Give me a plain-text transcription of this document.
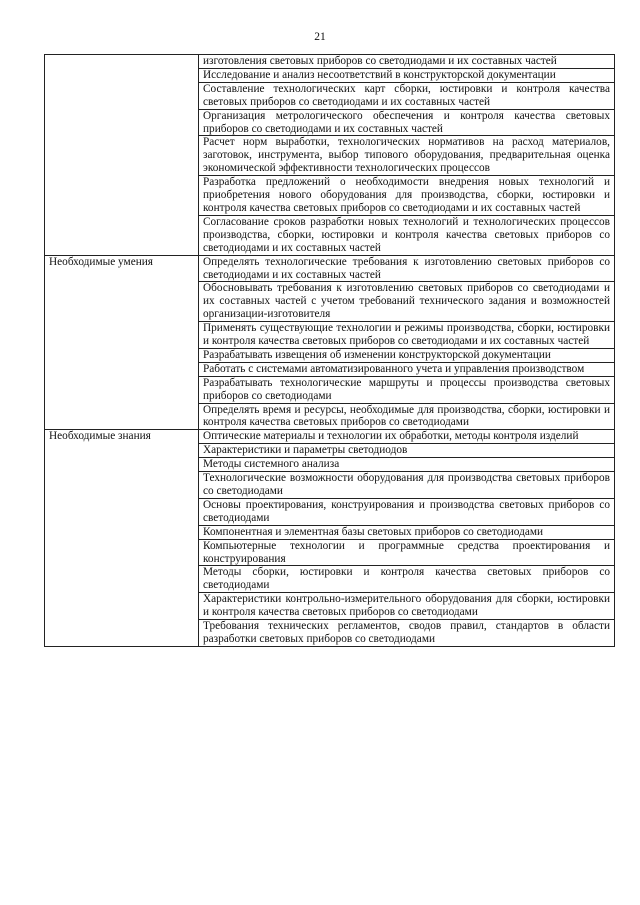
21

	изготовления световых приборов со светодиодами и их составных частей

	Исследование и анализ несоответствий в конструкторской документации

	Составление технологических карт сборки, юстировки и контроля качества световых приборов со светодиодами и их составных частей

	Организация метрологического обеспечения и контроля качества световых приборов со светодиодами и их составных частей

	Расчет норм выработки, технологических нормативов на расход материалов, заготовок, инструмента, выбор типового оборудования, предварительная оценка экономической эффективности технологических процессов

	Разработка предложений о необходимости внедрения новых технологий и приобретения нового оборудования для производства, сборки, юстировки и контроля качества световых приборов со светодиодами и их составных частей

	Согласование сроков разработки новых технологий и технологических процессов производства, сборки, юстировки и контроля качества световых приборов со светодиодами и их составных частей

Необходимые умения	Определять технологические требования к изготовлению световых приборов со светодиодами и их составных частей

	Обосновывать требования к изготовлению световых приборов со светодиодами и их составных частей с учетом требований технического задания и возможностей организации-изготовителя

	Применять существующие технологии и режимы производства, сборки, юстировки и контроля качества световых приборов со светодиодами и их составных частей

	Разрабатывать извещения об изменении конструкторской документации

	Работать с системами автоматизированного учета и управления производством

	Разрабатывать технологические маршруты и процессы производства световых приборов со светодиодами

	Определять время и ресурсы, необходимые для производства, сборки, юстировки и контроля качества световых приборов со светодиодами

Необходимые знания	Оптические материалы и технологии их обработки, методы контроля изделий

	Характеристики и параметры светодиодов

	Методы системного анализа

	Технологические возможности оборудования для производства световых приборов со светодиодами

	Основы проектирования, конструирования и производства световых приборов со светодиодами

	Компонентная и элементная базы световых приборов со светодиодами

	Компьютерные технологии и программные средства проектирования и конструирования

	Методы сборки, юстировки и контроля качества световых приборов со светодиодами

	Характеристики контрольно-измерительного оборудования для сборки, юстировки и контроля качества световых приборов со светодиодами

	Требования технических регламентов, сводов правил, стандартов в области разработки световых приборов со светодиодами
